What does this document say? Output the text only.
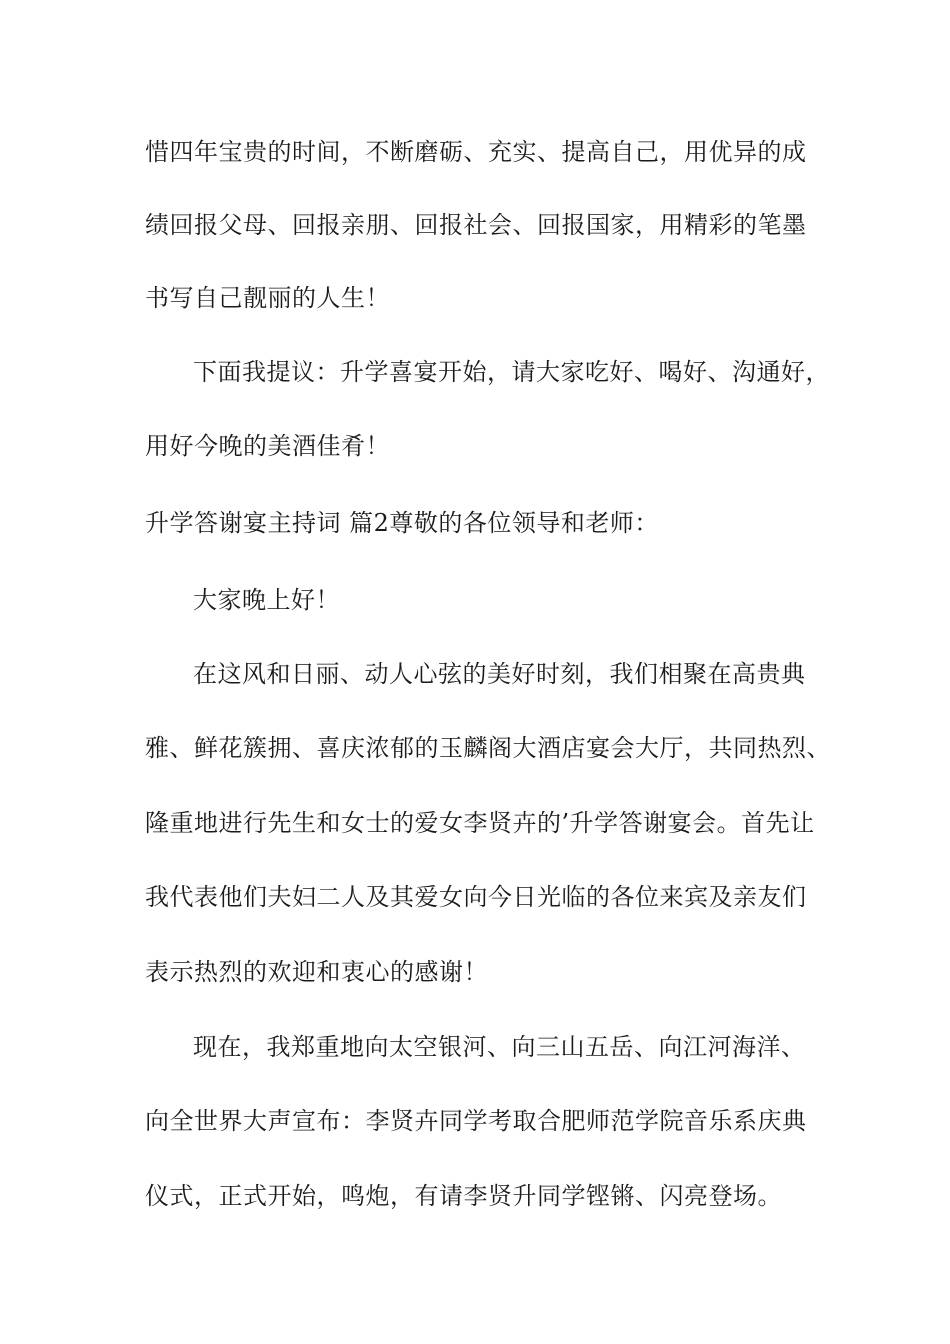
惜四年宝贵的时间，不断磨砺、充实、提高自己，用优异的成
绩回报父母、回报亲朋、回报社会、回报国家，用精彩的笔墨
书写自己靓丽的人生！
下面我提议：升学喜宴开始，请大家吃好、喝好、沟通好，
用好今晚的美酒佳肴！
升学答谢宴主持词 篇2尊敬的各位领导和老师：
大家晚上好！
在这风和日丽、动人心弦的美好时刻，我们相聚在高贵典
雅、鲜花簇拥、喜庆浓郁的玉麟阁大酒店宴会大厅，共同热烈、
隆重地进行先生和女士的爱女李贤卉的’升学答谢宴会。首先让
我代表他们夫妇二人及其爱女向今日光临的各位来宾及亲友们
表示热烈的欢迎和衷心的感谢！
现在，我郑重地向太空银河、向三山五岳、向江河海洋、
向全世界大声宣布：李贤卉同学考取合肥师范学院音乐系庆典
仪式，正式开始，鸣炮，有请李贤升同学铿锵、闪亮登场。
